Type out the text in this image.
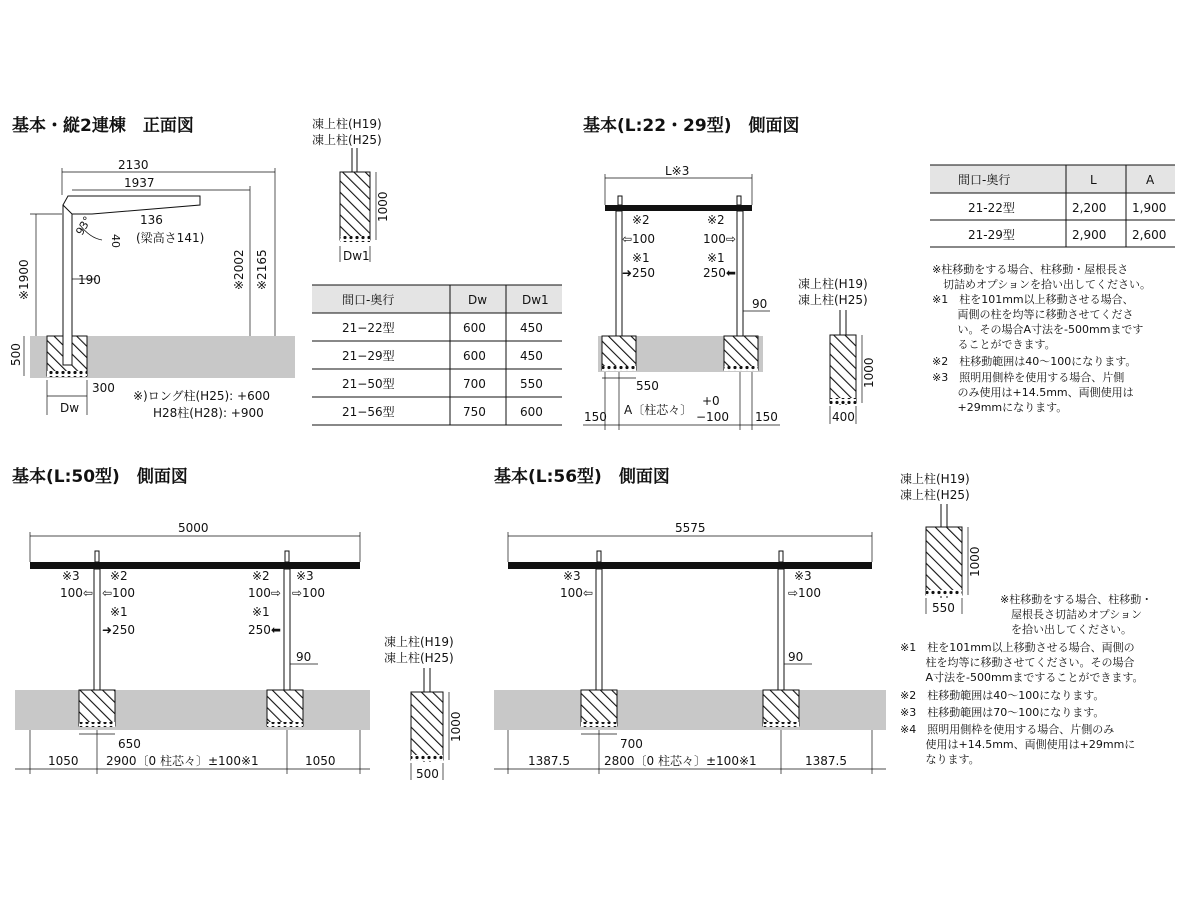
基本・縦2連棟　正面図
2130
1937
136
(梁高さ141)
93°
40
※1900	190	※2002 ※2165
500
300
Dw
※)ロング柱(H25): +600
H28柱(H28): +900
凍上柱(H19)
凍上柱(H25)
1000
Dw1
間口-奥行	Dw	Dw1
21−22型	600	450
21−29型	600	450
21−50型	700	550
21−56型	750	600
基本(L:22・29型)　側面図
L※3
※2
⇦100
※1
➜250
※2
100⇨
※1
250⬅
90
550
A〔柱芯々〕
+0
−100
150	150
間口-奥行	L	A
21-22型	2,200 1,900
21-29型	2,900 2,600
凍上柱(H19)
凍上柱(H25)
1000
400
※柱移動をする場合、柱移動・屋根長さ
　切詰めオプションを拾い出してください。
※1　柱を101mm以上移動させる場合、
　　 両側の柱を均等に移動させてくださ
　　 い。その場合A寸法を-500mmまです
　　 ることができます。
※2　柱移動範囲は40〜100になります。
※3　照明用側枠を使用する場合、片側
　　 のみ使用は+14.5mm、両側使用は
　　 +29mmになります。
基本(L:50型)　側面図
5000
※3
100⇦
※2
⇦100
※1
➜250
※2
100⇨
※3
⇨100
※1
250⬅
90
650
1050 2900〔0 柱芯々〕±100※1	1050
凍上柱(H19)
凍上柱(H25)
1000
500
基本(L:56型)　側面図
5575
※3
100⇦
※3
⇨100
90
700
1387.5	2800〔0 柱芯々〕±100※1	1387.5
凍上柱(H19)
凍上柱(H25)
1000
550
※柱移動をする場合、柱移動・
　屋根長さ切詰めオプション
　を拾い出してください。
※1　柱を101mm以上移動させる場合、両側の
　　 柱を均等に移動させてください。その場合
　　 A寸法を-500mmまですることができます。
※2　柱移動範囲は40〜100になります。
※3　柱移動範囲は70〜100になります。
※4　照明用側枠を使用する場合、片側のみ
　　 使用は+14.5mm、両側使用は+29mmに
　　 なります。
